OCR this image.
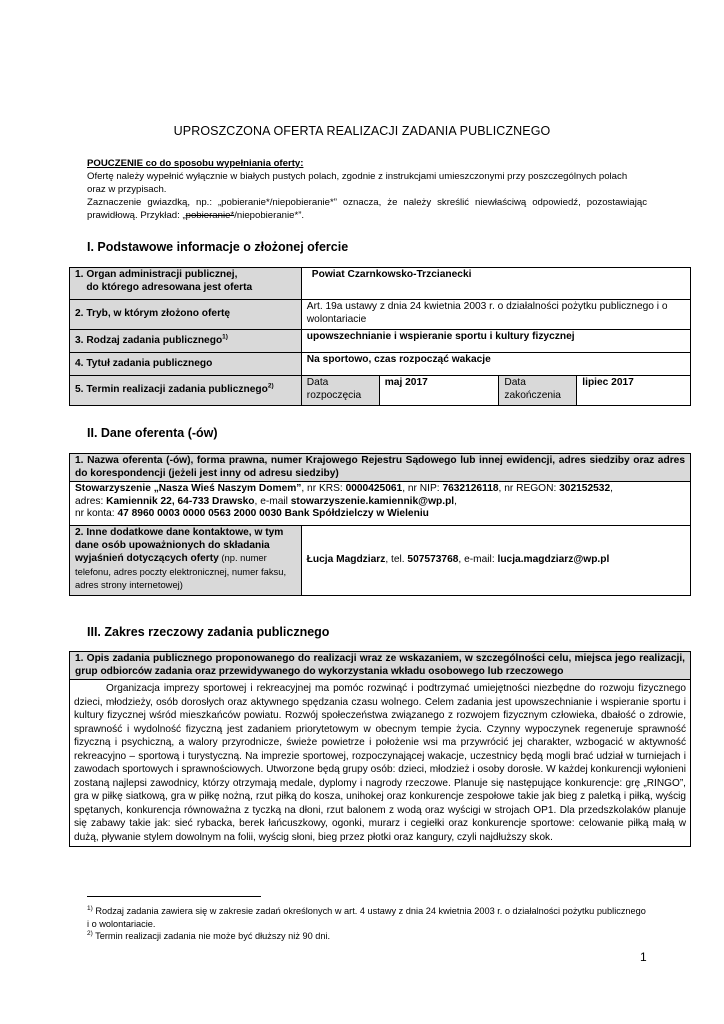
UPROSZCZONA OFERTA REALIZACJI ZADANIA PUBLICZNEGO
POUCZENIE co do sposobu wypełniania oferty:
Ofertę należy wypełnić wyłącznie w białych pustych polach, zgodnie z instrukcjami umieszczonymi przy poszczególnych polach oraz w przypisach.
Zaznaczenie gwiazdką, np.: „pobieranie*/niepobieranie*” oznacza, że należy skreślić niewłaściwą odpowiedź, pozostawiając prawidłową. Przykład: „pobieranie*/niepobieranie*”.
I. Podstawowe informacje o złożonej ofercie
1. Organ administracji publicznej,
do którego adresowana jest oferta	Powiat Czarnkowsko-Trzcianecki			
2. Tryb, w którym złożono ofertę	Art. 19a ustawy z dnia 24 kwietnia 2003 r. o działalności pożytku publicznego i o wolontariacie			
3. Rodzaj zadania publicznego$^{1)}$	upowszechnianie i wspieranie sportu i kultury fizycznej			
4. Tytuł zadania publicznego	Na sportowo, czas rozpocząć wakacje			
5. Termin realizacji zadania publicznego$^{2)}$	Data rozpoczęcia	maj 2017	Data zakończenia	lipiec 2017
II. Dane oferenta (-ów)
1. Nazwa oferenta (-ów), forma prawna, numer Krajowego Rejestru Sądowego lub innej ewidencji, adres siedziby oraz adres do korespondencji (jeżeli jest inny od adresu siedziby)

Stowarzyszenie „Nasza Wieś Naszym Domem”, nr KRS: 0000425061, nr NIP: 7632126118, nr REGON: 302152532,
adres: Kamiennik 22, 64-733 Drawsko, e-mail stowarzyszenie.kamiennik@wp.pl,
nr konta: 47 8960 0003 0000 0563 2000 0030 Bank Spółdzielczy w Wieleniu

2. Inne dodatkowe dane kontaktowe, w tym dane osób upoważnionych do składania wyjaśnień dotyczących oferty (np. numer telefonu, adres poczty elektronicznej, numer faksu, adres strony internetowej)	Łucja Magdziarz, tel. 507573768, e-mail: lucja.magdziarz@wp.pl
III. Zakres rzeczowy zadania publicznego
1. Opis zadania publicznego proponowanego do realizacji wraz ze wskazaniem, w szczególności celu, miejsca jego realizacji, grup odbiorców zadania oraz przewidywanego do wykorzystania wkładu osobowego lub rzeczowego
Organizacja imprezy sportowej i rekreacyjnej ma pomóc rozwinąć i podtrzymać umiejętności niezbędne do rozwoju fizycznego dzieci, młodzieży, osób dorosłych oraz aktywnego spędzania czasu wolnego. Celem zadania jest upowszechnianie i wspieranie sportu i kultury fizycznej wśród mieszkańców powiatu. Rozwój społeczeństwa związanego z rozwojem fizycznym człowieka, dbałość o zdrowie, sprawność i wydolność fizyczną jest zadaniem priorytetowym w obecnym tempie życia. Czynny wypoczynek regeneruje sprawność fizyczną i psychiczną, a walory przyrodnicze, świeże powietrze i położenie wsi ma przywrócić jej charakter, wzbogacić w aktywność rekreacyjno – sportową i turystyczną. Na imprezie sportowej, rozpoczynającej wakacje, uczestnicy będą mogli brać udział w turniejach i zawodach sportowych i sprawnościowych. Utworzone będą grupy osób: dzieci, młodzież i osoby dorosłe. W każdej konkurencji wyłonieni zostaną najlepsi zawodnicy, którzy otrzymają medale, dyplomy i nagrody rzeczowe. Planuje się następujące konkurencje: grę „RINGO”, gra w piłkę siatkową, gra w piłkę nożną, rzut piłką do kosza, unihokej oraz konkurencje zespołowe takie jak bieg z paletką i piłką, wyścig spętanych, konkurencja równoważna z tyczką na dłoni, rzut balonem z wodą oraz wyścigi w strojach OP1. Dla przedszkolaków planuje się zabawy takie jak: sieć rybacka, berek łańcuszkowy, ogonki, murarz i cegiełki oraz konkurencje sportowe: celowanie piłką małą w dużą, pływanie stylem dowolnym na folii, wyścig słoni, bieg przez płotki oraz kangury, czyli najdłuższy skok.
$^{1)}$ Rodzaj zadania zawiera się w zakresie zadań określonych w art. 4 ustawy z dnia 24 kwietnia 2003 r. o działalności pożytku publicznego i o wolontariacie.
$^{2)}$ Termin realizacji zadania nie może być dłuższy niż 90 dni.
1
